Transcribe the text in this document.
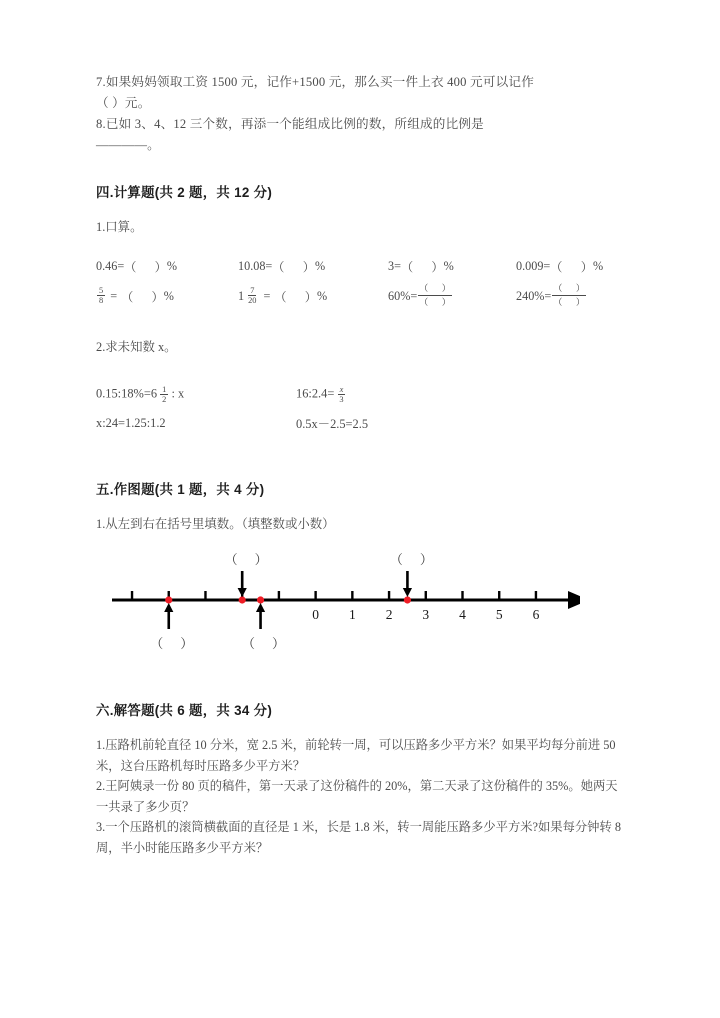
7.如果妈妈领取工资 1500 元，记作+1500 元，那么买一件上衣 400 元可以记作
（ ）元。
8.已如 3、4、12 三个数，再添一个能组成比例的数，所组成的比例是
————。
四.计算题(共 2 题，共 12 分)
1.口算。
0.46= （      ） %	10.08= （      ） %	3= （      ） %	0.009= （      ） %
$\frac{5}{8}$ = （      ） %	$1 \frac{7}{20}$ = （      ） %	$60\%= \frac{( )}{( )}$	$240\%= \frac{( )}{( )}$
2.求未知数 x。
0.15:18%=6 $\frac{1}{2}$ : x	16:2.4= $\frac{x}{3}$
x:24=1.25:1.2	0.5x－2.5=2.5
五.作图题(共 1 题，共 4 分)
1.从左到右在括号里填数。（填整数或小数）
0 1 2 3 4 5 6
（ ）
（ ）
（ ）
（ ）
六.解答题(共 6 题，共 34 分)

1.压路机前轮直径 10 分米，宽 2.5 米，前轮转一周，可以压路多少平方米？如果平均每分前进 50 米，这台压路机每时压路多少平方米？

2.王阿姨录一份 80 页的稿件，第一天录了这份稿件的 20%，第二天录了这份稿件的 35%。她两天一共录了多少页？

3.一个压路机的滚筒横截面的直径是 1 米，长是 1.8 米，转一周能压路多少平方米?如果每分钟转 8 周，半小时能压路多少平方米？
